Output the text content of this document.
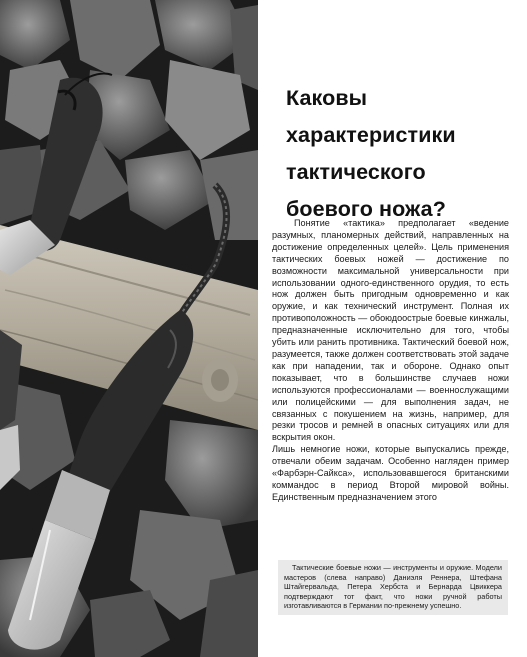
Каковы
характеристики
тактического
боевого ножа?

Понятие «тактика» предполагает «ведение разумных, планомерных действий, направленных на достижение определенных целей». Цель применения тактических боевых ножей — достижение по возможности максимальной универсальности при использовании одного-единственного орудия, то есть нож должен быть пригодным одновременно и как оружие, и как технический инструмент. Полная их противоположность — обоюдоострые боевые кинжалы, предназначенные исключительно для того, чтобы убить или ранить противника. Тактический боевой нож, разумеется, также должен соответствовать этой задаче как при нападении, так и обороне. Однако опыт показывает, что в большинстве случаев ножи используются профессионалами — военнослужащими или полицейскими — для выполнения задач, не связанных с покушением на жизнь, например, для резки тросов и ремней в опасных ситуациях или для вскрытия окон.

Лишь немногие ножи, которые выпускались прежде, отвечали обеим задачам. Особенно нагляден пример «Фарбэрн-Сайкса», использовавшегося британскими коммандос в период Второй мировой войны. Единственным предназначением этого

Тактические боевые ножи — инструменты и оружие. Модели мастеров (слева направо) Даниэля Реннера, Штефана Штайгервальда, Петера Хербста и Бернарда Цвиккера подтверждают тот факт, что ножи ручной работы изготавливаются в Германии по-прежнему успешно.
